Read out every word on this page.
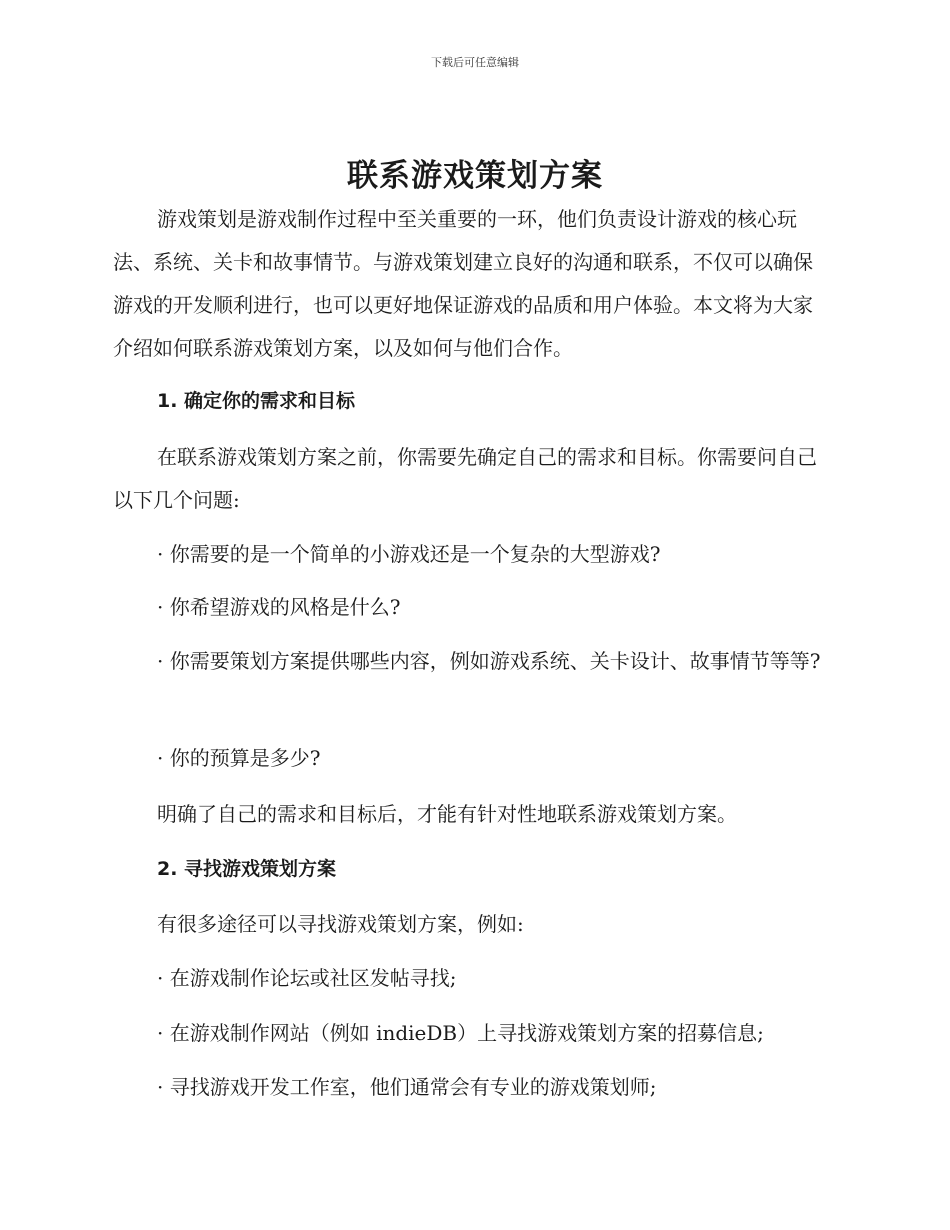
下载后可任意编辑
联系游戏策划方案
游戏策划是游戏制作过程中至关重要的一环，他们负责设计游戏的核心玩法、系统、关卡和故事情节。与游戏策划建立良好的沟通和联系，不仅可以确保游戏的开发顺利进行，也可以更好地保证游戏的品质和用户体验。本文将为大家介绍如何联系游戏策划方案，以及如何与他们合作。
1. 确定你的需求和目标
在联系游戏策划方案之前，你需要先确定自己的需求和目标。你需要问自己以下几个问题:
· 你需要的是一个简单的小游戏还是一个复杂的大型游戏?
· 你希望游戏的风格是什么?
· 你需要策划方案提供哪些内容，例如游戏系统、关卡设计、故事情节等等?
· 你的预算是多少?
明确了自己的需求和目标后，才能有针对性地联系游戏策划方案。
2. 寻找游戏策划方案
有很多途径可以寻找游戏策划方案，例如:
· 在游戏制作论坛或社区发帖寻找;
· 在游戏制作网站（例如 indieDB）上寻找游戏策划方案的招募信息;
· 寻找游戏开发工作室，他们通常会有专业的游戏策划师;
